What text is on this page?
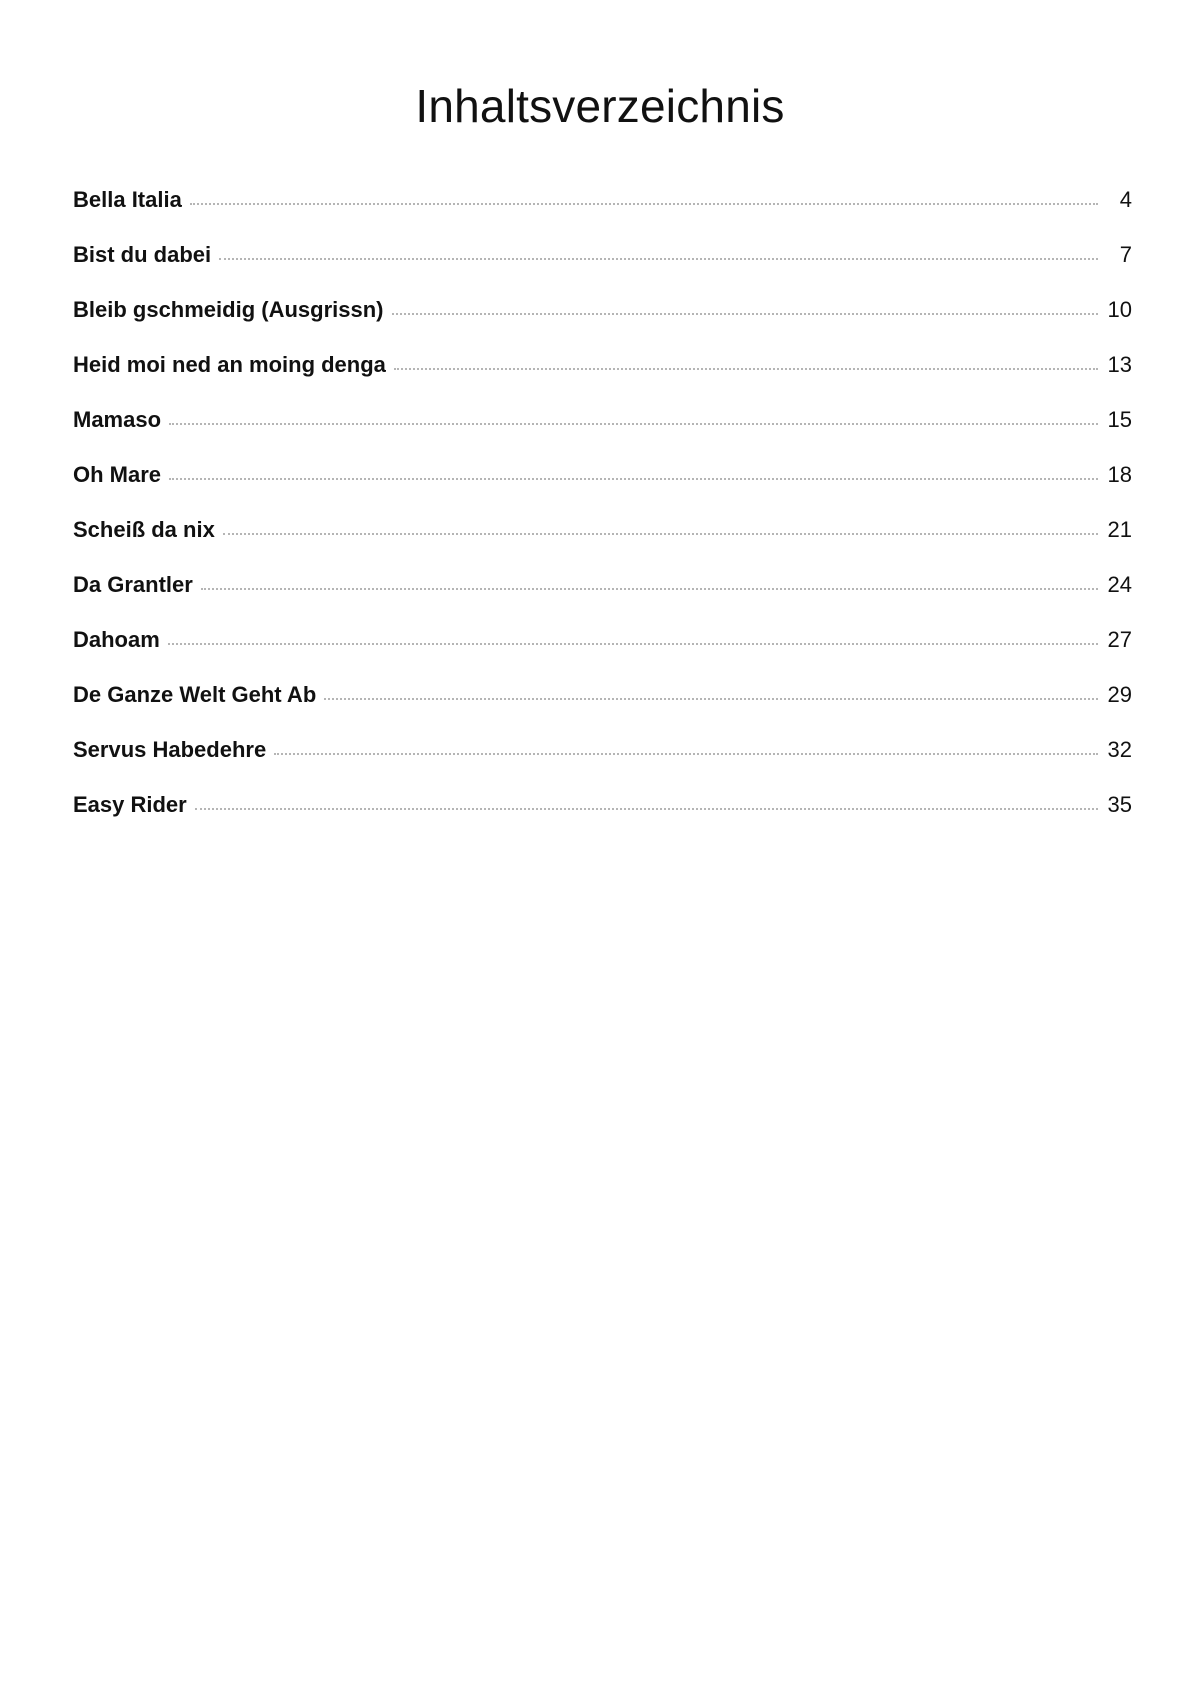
Inhaltsverzeichnis
Bella Italia	4
Bist du dabei	7
Bleib gschmeidig (Ausgrissn)	10
Heid moi ned an moing denga	13
Mamaso	15
Oh Mare	18
Scheiß da nix	21
Da Grantler	24
Dahoam	27
De Ganze Welt Geht Ab	29
Servus Habedehre	32
Easy Rider	35
